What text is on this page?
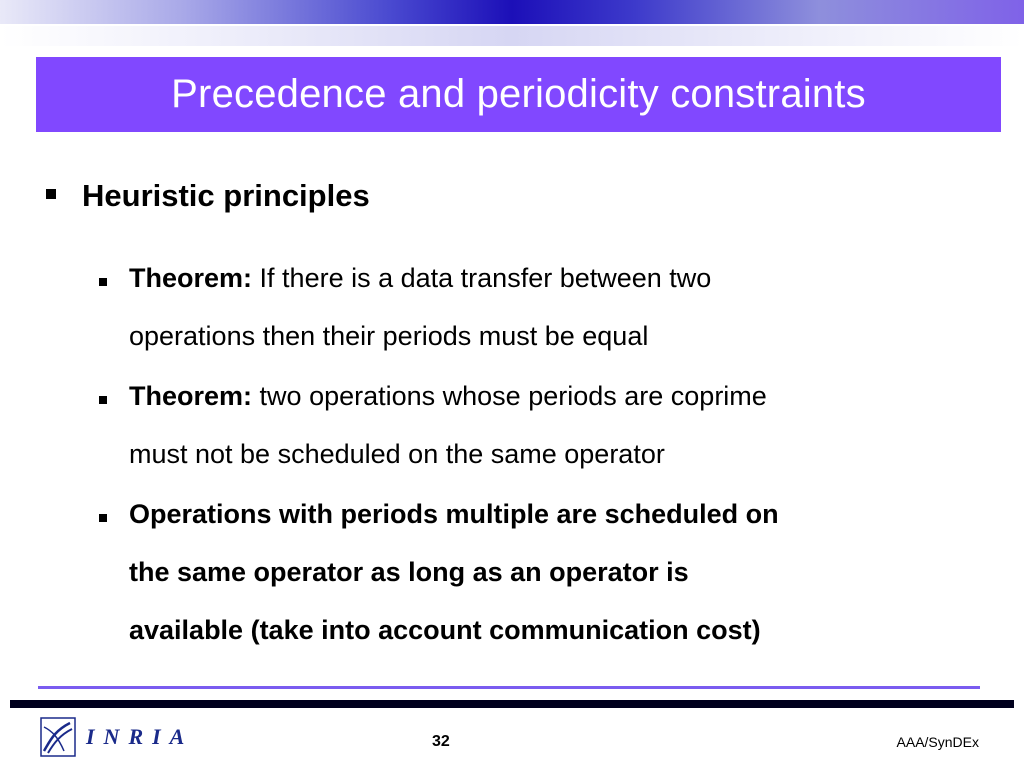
Precedence and periodicity constraints
Heuristic principles
Theorem: If there is a data transfer between two
operations then their periods must be equal
Theorem: two operations whose periods are coprime
must not be scheduled on the same operator
Operations with periods multiple are scheduled on
the same operator as long as an operator is
available (take into account communication cost)
INRIA	32	AAA/SynDEx
